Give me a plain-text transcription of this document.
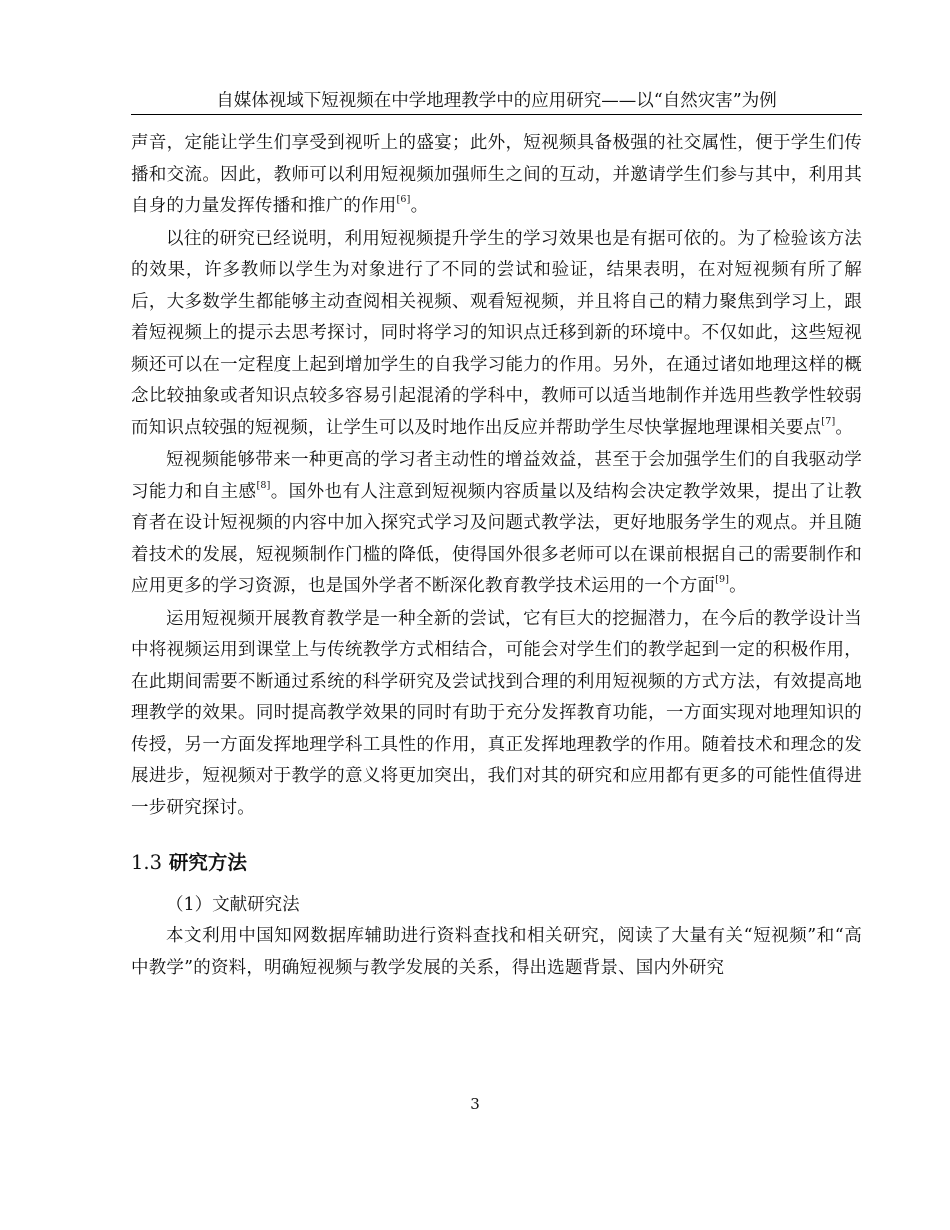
自媒体视域下短视频在中学地理教学中的应用研究——以“自然灾害”为例

声音，定能让学生们享受到视听上的盛宴；此外，短视频具备极强的社交属性，便于学生们传播和交流。因此，教师可以利用短视频加强师生之间的互动，并邀请学生们参与其中，利用其自身的力量发挥传播和推广的作用[6]。

以往的研究已经说明，利用短视频提升学生的学习效果也是有据可依的。为了检验该方法的效果，许多教师以学生为对象进行了不同的尝试和验证，结果表明，在对短视频有所了解后，大多数学生都能够主动查阅相关视频、观看短视频，并且将自己的精力聚焦到学习上，跟着短视频上的提示去思考探讨，同时将学习的知识点迁移到新的环境中。不仅如此，这些短视频还可以在一定程度上起到增加学生的自我学习能力的作用。另外，在通过诸如地理这样的概念比较抽象或者知识点较多容易引起混淆的学科中，教师可以适当地制作并选用些教学性较弱而知识点较强的短视频，让学生可以及时地作出反应并帮助学生尽快掌握地理课相关要点[7]。

短视频能够带来一种更高的学习者主动性的增益效益，甚至于会加强学生们的自我驱动学习能力和自主感[8]。国外也有人注意到短视频内容质量以及结构会决定教学效果，提出了让教育者在设计短视频的内容中加入探究式学习及问题式教学法，更好地服务学生的观点。并且随着技术的发展，短视频制作门槛的降低，使得国外很多老师可以在课前根据自己的需要制作和应用更多的学习资源，也是国外学者不断深化教育教学技术运用的一个方面[9]。

运用短视频开展教育教学是一种全新的尝试，它有巨大的挖掘潜力，在今后的教学设计当中将视频运用到课堂上与传统教学方式相结合，可能会对学生们的教学起到一定的积极作用，在此期间需要不断通过系统的科学研究及尝试找到合理的利用短视频的方式方法，有效提高地理教学的效果。同时提高教学效果的同时有助于充分发挥教育功能，一方面实现对地理知识的传授，另一方面发挥地理学科工具性的作用，真正发挥地理教学的作用。随着技术和理念的发展进步，短视频对于教学的意义将更加突出，我们对其的研究和应用都有更多的可能性值得进一步研究探讨。

1.3 研究方法
（1）文献研究法

本文利用中国知网数据库辅助进行资料查找和相关研究，阅读了大量有关“短视频”和“高中教学”的资料，明确短视频与教学发展的关系，得出选题背景、国内外研究

3
